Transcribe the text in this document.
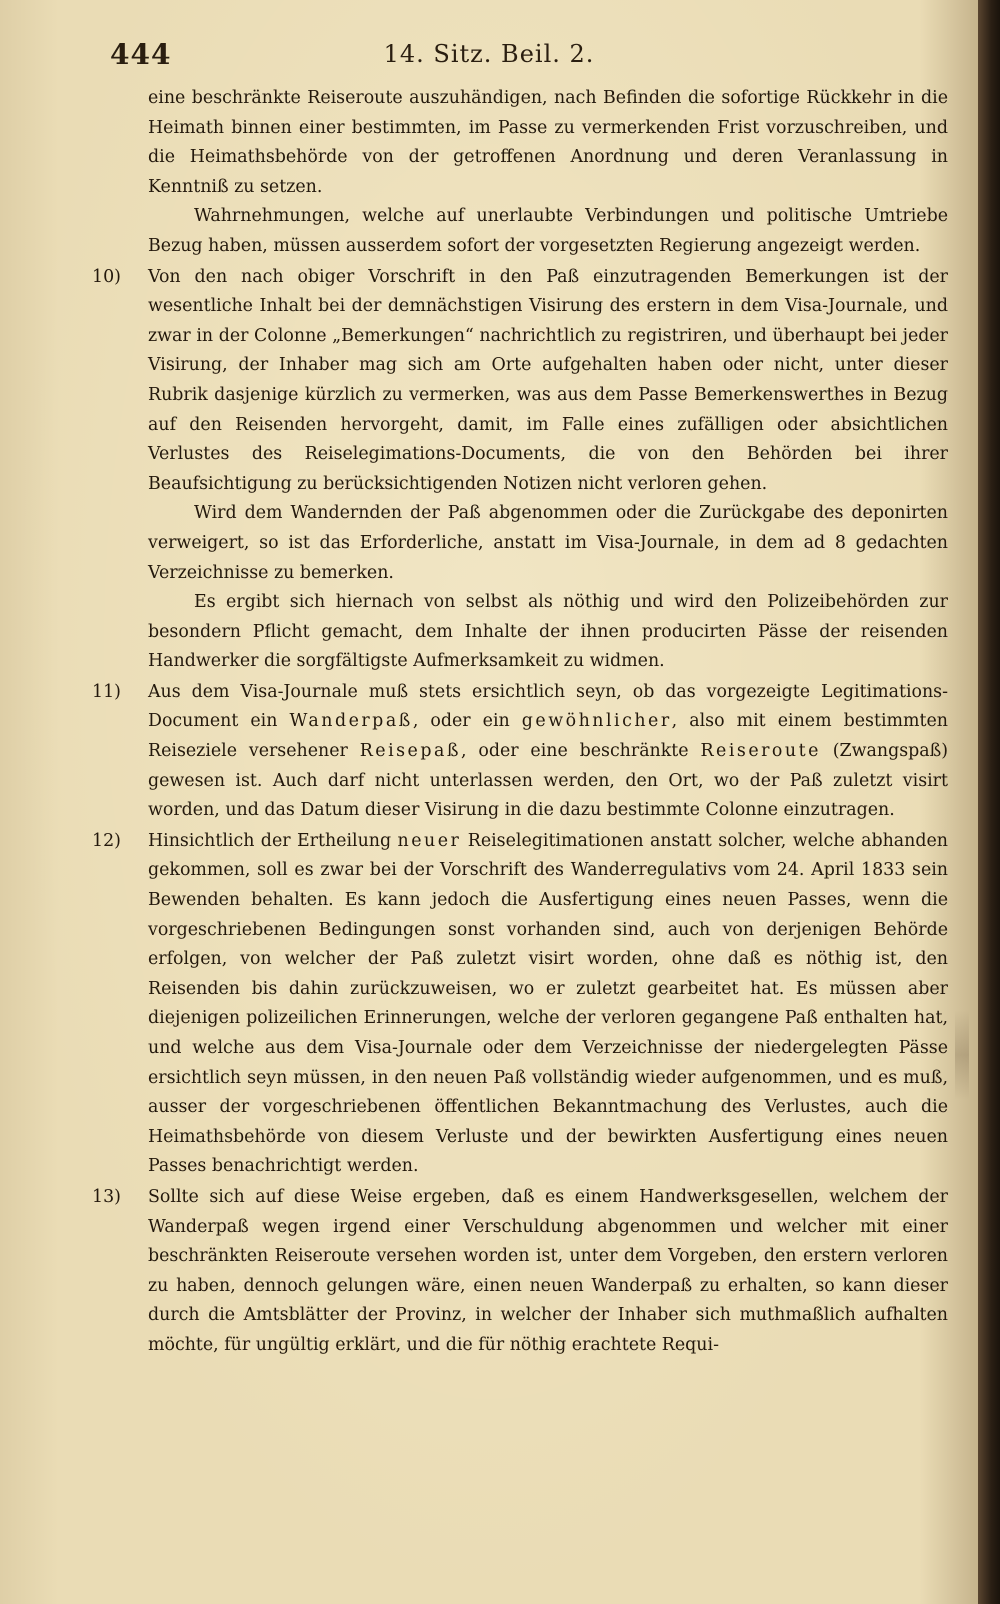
444	14. Sitz. Beil. 2.

eine beschränkte Reiseroute auszuhändigen, nach Befinden die sofortige Rückkehr in die Heimath binnen einer bestimmten, im Passe zu vermerkenden Frist vorzuschreiben, und die Heimathsbehörde von der getroffenen Anordnung und deren Veranlassung in Kenntniß zu setzen.

Wahrnehmungen, welche auf unerlaubte Verbindungen und politische Umtriebe Bezug haben, müssen ausserdem sofort der vorgesetzten Regierung angezeigt werden.

10)	Von den nach obiger Vorschrift in den Paß einzutragenden Bemerkungen ist der wesentliche Inhalt bei der demnächstigen Visirung des erstern in dem Visa-Journale, und zwar in der Colonne „Bemerkungen“ nachrichtlich zu registriren, und überhaupt bei jeder Visirung, der Inhaber mag sich am Orte aufgehalten haben oder nicht, unter dieser Rubrik dasjenige kürzlich zu vermerken, was aus dem Passe Bemerkenswerthes in Bezug auf den Reisenden hervorgeht, damit, im Falle eines zufälligen oder absichtlichen Verlustes des Reiselegimations-Documents, die von den Behörden bei ihrer Beaufsichtigung zu berücksichtigenden Notizen nicht verloren gehen.

Wird dem Wandernden der Paß abgenommen oder die Zurückgabe des deponirten verweigert, so ist das Erforderliche, anstatt im Visa-Journale, in dem ad 8 gedachten Verzeichnisse zu bemerken.

Es ergibt sich hiernach von selbst als nöthig und wird den Polizeibehörden zur besondern Pflicht gemacht, dem Inhalte der ihnen producirten Pässe der reisenden Handwerker die sorgfältigste Aufmerksamkeit zu widmen.

11)	Aus dem Visa-Journale muß stets ersichtlich seyn, ob das vorgezeigte Legitimations-Document ein Wanderpaß, oder ein gewöhnlicher, also mit einem bestimmten Reiseziele versehener Reisepaß, oder eine beschränkte Reiseroute (Zwangspaß) gewesen ist. Auch darf nicht unterlassen werden, den Ort, wo der Paß zuletzt visirt worden, und das Datum dieser Visirung in die dazu bestimmte Colonne einzutragen.

12)	Hinsichtlich der Ertheilung neuer Reiselegitimationen anstatt solcher, welche abhanden gekommen, soll es zwar bei der Vorschrift des Wanderregulativs vom 24. April 1833 sein Bewenden behalten. Es kann jedoch die Ausfertigung eines neuen Passes, wenn die vorgeschriebenen Bedingungen sonst vorhanden sind, auch von derjenigen Behörde erfolgen, von welcher der Paß zuletzt visirt worden, ohne daß es nöthig ist, den Reisenden bis dahin zurückzuweisen, wo er zuletzt gearbeitet hat. Es müssen aber diejenigen polizeilichen Erinnerungen, welche der verloren gegangene Paß enthalten hat, und welche aus dem Visa-Journale oder dem Verzeichnisse der niedergelegten Pässe ersichtlich seyn müssen, in den neuen Paß vollständig wieder aufgenommen, und es muß, ausser der vorgeschriebenen öffentlichen Bekanntmachung des Verlustes, auch die Heimathsbehörde von diesem Verluste und der bewirkten Ausfertigung eines neuen Passes benachrichtigt werden.

13)	Sollte sich auf diese Weise ergeben, daß es einem Handwerksgesellen, welchem der Wanderpaß wegen irgend einer Verschuldung abgenommen und welcher mit einer beschränkten Reiseroute versehen worden ist, unter dem Vorgeben, den erstern verloren zu haben, dennoch gelungen wäre, einen neuen Wanderpaß zu erhalten, so kann dieser durch die Amtsblätter der Provinz, in welcher der Inhaber sich muthmaßlich aufhalten möchte, für ungültig erklärt, und die für nöthig erachtete Requi-
